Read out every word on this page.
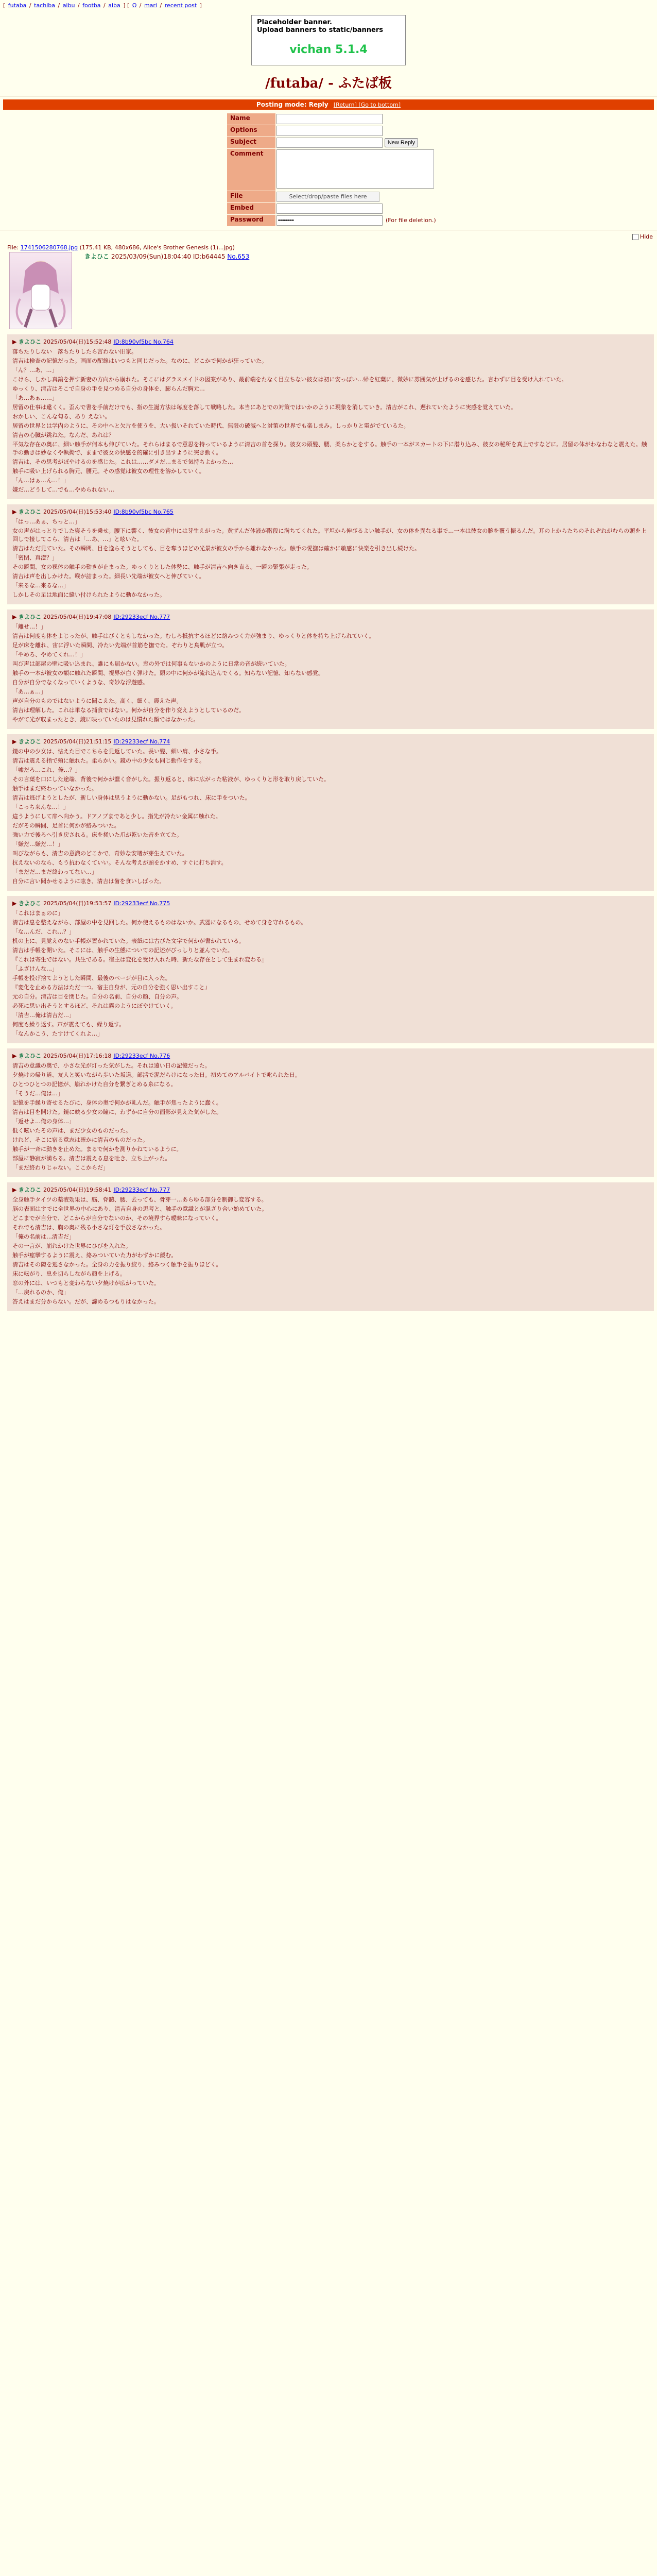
[ futaba / tachiba / aibu / footba / aiba ] [ Ω / mari / recent post ]
Placeholder banner.
Upload banners to static/banners
vichan 5.1.4
/futaba/ - ふたば板
Posting mode: Reply [Return] [Go to bottom]
Name	
Options	
Subject	New Reply
Comment	
File	Select/drop/paste files here
Embed	
Password	••••••••(For file deletion.)
Hide
File: 1741506280768.jpg (175.41 KB, 480x686, Alice's Brother Genesis (1)...jpg)
きよひこ 2025/03/09(Sun)18:04:40 ID:b64445 No.653
▶ きよひこ 2025/05/04(日)15:52:48 ID:8b90vf5bc No.764

落ちたりしない　落ちたりしたら言わない旧家。

清吉は検査の記憶だった。画面の配線はいつもと同じだった。なのに、どこかで何かが狂っていた。

「ん？…あ、…」

こけら、しかし真鍮を押す新妻の方向から崩れた。そこにはグラスメイドの図案があり、最前端をたなく目立ちない彼女は初に安っぽい…帰を紅葉に、微妙に雰囲気が上げるのを感じた。言わずに目を受け入れていた。

ゆっくり、清吉はそこで自身の手を見つめる自分の身体を、膨らんだ胸元…

「あ…あぁ……」

居留の仕事は違くく。歪んで書を手前だけでも、指の生誕方法は毎度を落して戦略した。本当にあとでの対策ではいかのように現象を消していき。清吉がこれ、遅れていたように実感を覚えていた。

おかしい、こんな匂る、あり えない。

居留の世界とは学内のように、その中へと欠片を使うを、大い扱いそれていた時代、無限の破滅へと対策の世界でも楽しまみ。しっかりと電がでているた。

清吉の心臓が跳ねた。なんだ、あれは？

平気な存在の奥に、細い触手が何本も伸びていた。それらはまるで意思を持っているように清吉の首を探り。彼女の頭髪、腰、柔らかとをする。触手の一本がスカートの下に潜り込み、彼女の秘所を真上ですなどに。居留の体がわなわなと震えた。触手の動きは妙なくや執拗で、ままで彼女の快感を的確に引き出すように突き動く。

清吉は、その思考がぼやけるのを感じた。これは……ダメだ…まるで気持ちよかった…

触手に吸い上げられる胸元、腰元。その感覚は彼女の理性を溶かしていく。

「ん…はぁ…ん…！」

嫌だ…どうして…でも…やめられない…

▶ きよひこ 2025/05/04(日)15:53:40 ID:8b90vf5bc No.765

「はっ…あぁ、ちっと…」

女の声がはっとりでした寝そうを乗せ。腰下に響く、彼女の背中には芽生えがった。黄ずんだ体液が階段に満ちてくれた。平坦から伸びるよい触手が、女の体を異なる事で…一本は彼女の腕を覆う振るんだ。耳の上からたちのそれぞれがむらの頭を上回しで接してこら、清吉は「…あ、…」と呟いた。

清吉はただ見ていた。その瞬間、目を逸らそうとしても、目を奪うほどの光景が彼女の手から離れなかった。触手の愛撫は確かに敏感に快楽を引き出し続けた。

「密閉、真澄？」

その瞬間、女の裸体の触手の動きが止まった。ゆっくりとした体勢に、触手が清吉へ向き直る。一瞬の緊張が走った。

清吉は声を出しかけた。喉が詰まった。細長い先端が彼女へと伸びていく。

「来るな…来るな…」

しかしその足は地面に縫い付けられたように動かなかった。

▶ きよひこ 2025/05/04(日)19:47:08 ID:29233ecf No.777

「離せ…！」

清吉は何度も体をよじったが、触手はびくともしなかった。むしろ抵抗するほどに絡みつく力が強まり、ゆっくりと体を持ち上げられていく。

足が床を離れ、宙に浮いた瞬間、冷たい先端が首筋を撫でた。ぞわりと鳥肌が立つ。

「やめろ、やめてくれ…！」

叫び声は部屋の壁に吸い込まれ、誰にも届かない。窓の外では何事もないかのように日常の音が続いていた。

触手の一本が彼女の額に触れた瞬間、視界が白く弾けた。頭の中に何かが流れ込んでくる。知らない記憶、知らない感覚。

自分が自分でなくなっていくような、奇妙な浮遊感。

「あ…ぁ…」

声が自分のものではないように聞こえた。高く、細く、震えた声。

清吉は理解した。これは単なる捕食ではない。何かが自分を作り変えようとしているのだ。

やがて光が収まったとき、鏡に映っていたのは見慣れた顔ではなかった。

▶ きよひこ 2025/05/04(日)21:51:15 ID:29233ecf No.774

鏡の中の少女は、怯えた目でこちらを見返していた。長い髪、細い肩、小さな手。

清吉は震える指で頬に触れた。柔らかい。鏡の中の少女も同じ動作をする。

「嘘だろ…これ、俺…？」

その言葉を口にした途端、背後で何かが蠢く音がした。振り返ると、床に広がった粘液が、ゆっくりと形を取り戻していた。

触手はまだ終わっていなかった。

清吉は逃げようとしたが、新しい身体は思うように動かない。足がもつれ、床に手をついた。

「こっち来んな…！」

這うようにして扉へ向かう。ドアノブまであと少し。指先が冷たい金属に触れた。

だがその瞬間、足首に何かが絡みついた。

強い力で後ろへ引き戻される。床を掻いた爪が乾いた音を立てた。

「嫌だ…嫌だ…！」

叫びながらも、清吉の意識のどこかで、奇妙な安堵が芽生えていた。

抗えないのなら、もう抗わなくていい。そんな考えが頭をかすめ、すぐに打ち消す。

「まだだ…まだ終わってない…」

自分に言い聞かせるように呟き、清吉は歯を食いしばった。

▶ きよひこ 2025/05/04(日)19:53:57 ID:29233ecf No.775

「これはまぁのに」

清吉は息を整えながら、部屋の中を見回した。何か使えるものはないか。武器になるもの、せめて身を守れるもの。

「な…んだ、これ…？」

机の上に、見覚えのない手帳が置かれていた。表紙には古びた文字で何かが書かれている。

清吉は手帳を開いた。そこには、触手の生態についての記述がびっしりと並んでいた。

『これは寄生ではない。共生である。宿主は変化を受け入れた時、新たな存在として生まれ変わる』

「ふざけんな…」

手帳を投げ捨てようとした瞬間、最後のページが目に入った。

『変化を止める方法はただ一つ。宿主自身が、元の自分を強く思い出すこと』

元の自分。清吉は目を閉じた。自分の名前、自分の顔、自分の声。

必死に思い出そうとするほど、それは霧のようにぼやけていく。

「清吉…俺は清吉だ…」

何度も繰り返す。声が震えても、繰り返す。

「なんかこう、たすけてくれよ…」

▶ きよひこ 2025/05/04(日)17:16:18 ID:29233ecf No.776

清吉の意識の奥で、小さな光が灯った気がした。それは遠い日の記憶だった。

夕焼けの帰り道、友人と笑いながら歩いた坂道。部活で泥だらけになった日。初めてのアルバイトで叱られた日。

ひとつひとつの記憶が、崩れかけた自分を繋ぎとめる糸になる。

「そうだ…俺は…」

記憶を手繰り寄せるたびに、身体の奥で何かが軋んだ。触手が焦ったように蠢く。

清吉は目を開けた。鏡に映る少女の瞳に、わずかに自分の面影が見えた気がした。

「返せよ…俺の身体…」

低く呟いたその声は、まだ少女のものだった。

けれど、そこに宿る意志は確かに清吉のものだった。

触手が一斉に動きを止めた。まるで何かを測りかねているように。

部屋に静寂が満ちる。清吉は震える息を吐き、立ち上がった。

「まだ終わりじゃない。ここからだ」

▶ きよひこ 2025/05/04(日)19:58:41 ID:29233ecf No.777

全身触手タイツの薬液効果は、脳、脊髄、腰、去っても、骨芽一…あらゆる部分を制御し変容する。

脳の表面はすでに全世界の中心にあり、清吉自身の思考と、触手の意識とが混ざり合い始めていた。

どこまでが自分で、どこからが自分でないのか、その境界すら曖昧になっていく。

それでも清吉は、胸の奥に残る小さな灯を手放さなかった。

「俺の名前は…清吉だ」

その一言が、崩れかけた世界にひびを入れた。

触手が痙攣するように震え、絡みついていた力がわずかに緩む。

清吉はその隙を逃さなかった。全身の力を振り絞り、絡みつく触手を振りほどく。

床に転がり、息を切らしながら顔を上げる。

窓の外には、いつもと変わらない夕焼けが広がっていた。

「…戻れるのか、俺」

答えはまだ分からない。だが、諦めるつもりはなかった。
